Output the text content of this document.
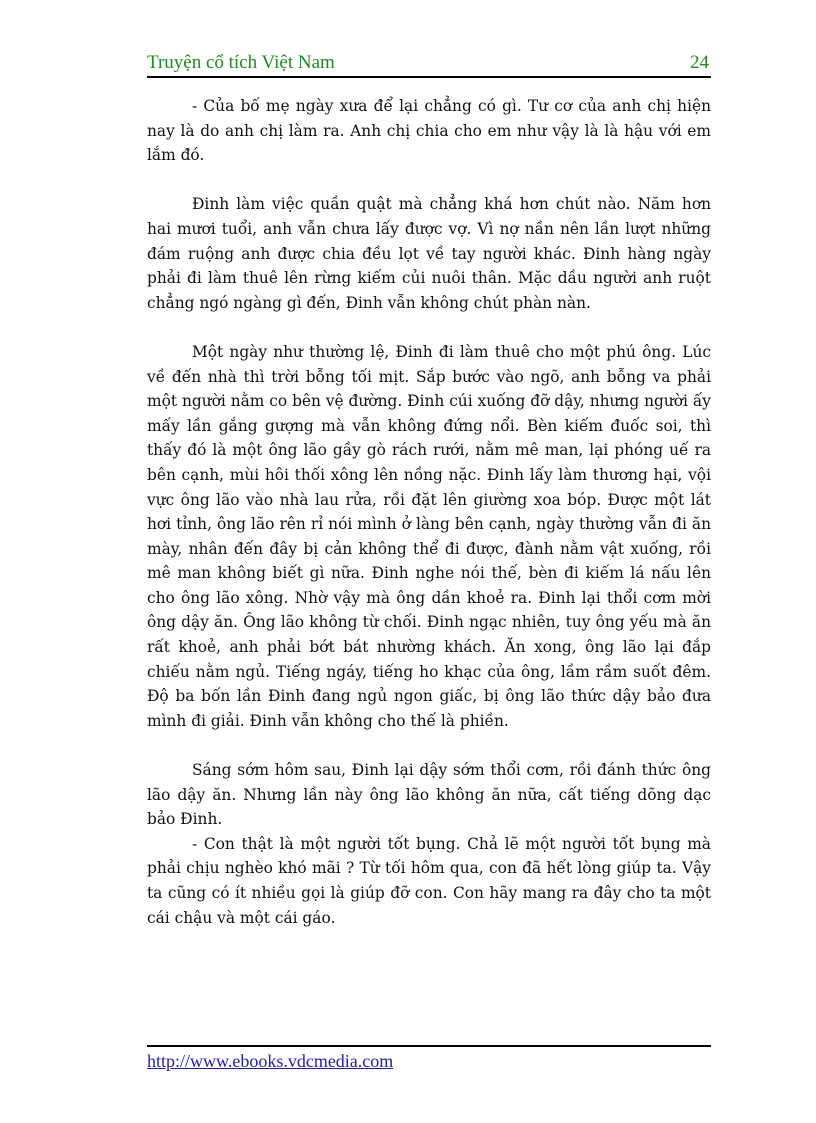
Truyện cổ tích Việt Nam	24

- Của bố mẹ ngày xưa để lại chẳng có gì. Tư cơ của anh chị hiện nay là do anh chị làm ra. Anh chị chia cho em như vậy là là hậu với em lắm đó.

Đinh làm việc quần quật mà chẳng khá hơn chút nào. Năm hơn hai mươi tuổi, anh vẫn chưa lấy được vợ. Vì nợ nần nên lần lượt những đám ruộng anh được chia đều lọt về tay người khác. Đinh hàng ngày phải đi làm thuê lên rừng kiếm củi nuôi thân. Mặc dầu người anh ruột chẳng ngó ngàng gì đến, Đinh vẫn không chút phàn nàn.

Một ngày như thường lệ, Đinh đi làm thuê cho một phú ông. Lúc về đến nhà thì trời bỗng tối mịt. Sắp bước vào ngõ, anh bỗng va phải một người nằm co bên vệ đường. Đinh cúi xuống đỡ dậy, nhưng người ấy mấy lần gắng gượng mà vẫn không đứng nổi. Bèn kiếm đuốc soi, thì thấy đó là một ông lão gầy gò rách rưới, nằm mê man, lại phóng uế ra bên cạnh, mùi hôi thối xông lên nồng nặc. Đinh lấy làm thương hại, vội vực ông lão vào nhà lau rửa, rồi đặt lên giường xoa bóp. Được một lát hơi tỉnh, ông lão rên rỉ nói mình ở làng bên cạnh, ngày thường vẫn đi ăn mày, nhân đến đây bị cản không thể đi được, đành nằm vật xuống, rồi mê man không biết gì nữa. Đinh nghe nói thế, bèn đi kiếm lá nấu lên cho ông lão xông. Nhờ vậy mà ông dần khoẻ ra. Đinh lại thổi cơm mời ông dậy ăn. Ông lão không từ chối. Đinh ngạc nhiên, tuy ông yếu mà ăn rất khoẻ, anh phải bớt bát nhường khách. Ăn xong, ông lão lại đắp chiếu nằm ngủ. Tiếng ngáy, tiếng ho khạc của ông, lầm rầm suốt đêm. Độ ba bốn lần Đinh đang ngủ ngon giấc, bị ông lão thức dậy bảo đưa mình đi giải. Đinh vẫn không cho thế là phiền.

Sáng sớm hôm sau, Đinh lại dậy sớm thổi cơm, rồi đánh thức ông lão dậy ăn. Nhưng lần này ông lão không ăn nữa, cất tiếng dõng dạc bảo Đinh.

- Con thật là một người tốt bụng. Chả lẽ một người tốt bụng mà phải chịu nghèo khó mãi ? Từ tối hôm qua, con đã hết lòng giúp ta. Vậy ta cũng có ít nhiều gọi là giúp đỡ con. Con hãy mang ra đây cho ta một cái chậu và một cái gáo.

http://www.ebooks.vdcmedia.com
